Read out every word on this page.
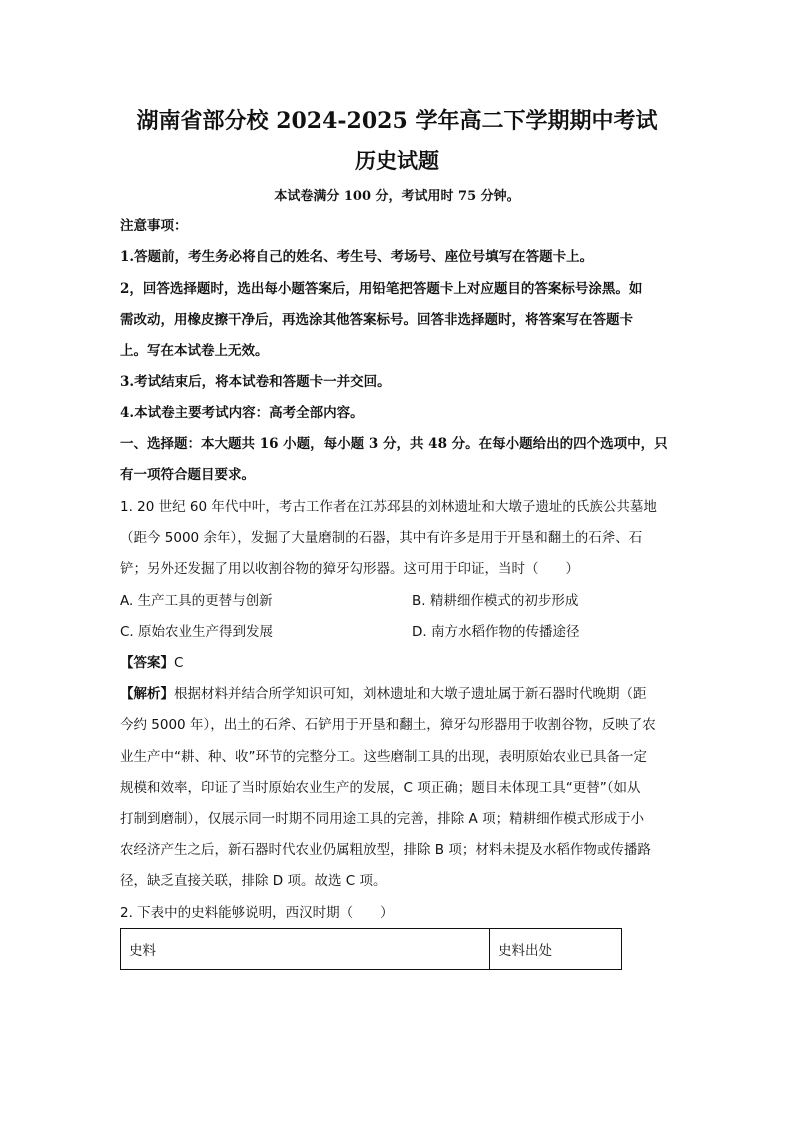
湖南省部分校 2024-2025 学年高二下学期期中考试
历史试题
本试卷满分 100 分，考试用时 75 分钟。
注意事项：
1.答题前，考生务必将自己的姓名、考生号、考场号、座位号填写在答题卡上。
2，回答选择题时，选出每小题答案后，用铅笔把答题卡上对应题目的答案标号涂黑。如
需改动，用橡皮擦干净后，再选涂其他答案标号。回答非选择题时，将答案写在答题卡
上。写在本试卷上无效。
3.考试结束后，将本试卷和答题卡一并交回。
4.本试卷主要考试内容：高考全部内容。
一、选择题：本大题共 16 小题，每小题 3 分，共 48 分。在每小题给出的四个选项中，只
有一项符合题目要求。
1. 20 世纪 60 年代中叶，考古工作者在江苏邳县的刘林遗址和大墩子遗址的氏族公共墓地
（距今 5000 余年），发掘了大量磨制的石器，其中有许多是用于开垦和翻土的石斧、石
铲；另外还发掘了用以收割谷物的獐牙勾形器。这可用于印证，当时（　　）
A. 生产工具的更替与创新	B. 精耕细作模式的初步形成
C. 原始农业生产得到发展	D. 南方水稻作物的传播途径
【答案】C
【解析】根据材料并结合所学知识可知，刘林遗址和大墩子遗址属于新石器时代晚期（距
今约 5000 年），出土的石斧、石铲用于开垦和翻土，獐牙勾形器用于收割谷物，反映了农
业生产中“耕、种、收”环节的完整分工。这些磨制工具的出现，表明原始农业已具备一定
规模和效率，印证了当时原始农业生产的发展，C 项正确；题目未体现工具“更替”（如从
打制到磨制），仅展示同一时期不同用途工具的完善，排除 A 项；精耕细作模式形成于小
农经济产生之后，新石器时代农业仍属粗放型，排除 B 项；材料未提及水稻作物或传播路
径，缺乏直接关联，排除 D 项。故选 C 项。
2. 下表中的史料能够说明，西汉时期（　　）
史料	史料出处
